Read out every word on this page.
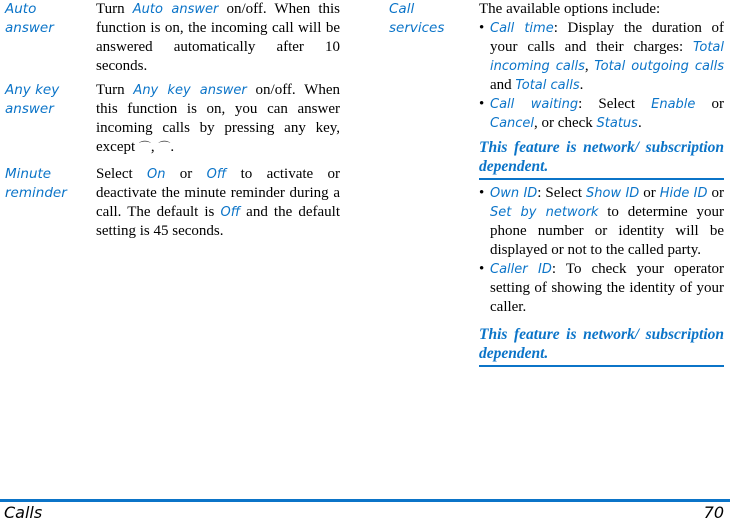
Auto answer
Turn Auto answer on/off. When this function is on, the incoming call will be answered automatically after 10 seconds.
Any key answer
Turn Any key answer on/off. When this function is on, you can answer incoming calls by pressing any key, except ⌒, ⌒.
Minute reminder
Select On or Off to activate or deactivate the minute reminder during a call. The default is Off and the default setting is 45 seconds.
Call services
The available options include:
• Call time: Display the duration of your calls and their charges: Total incoming calls, Total outgoing calls and Total calls.
• Call waiting: Select Enable or Cancel, or check Status.
This feature is network/ subscription dependent.
• Own ID: Select Show ID or Hide ID or Set by network to determine your phone number or identity will be displayed or not to the called party.
• Caller ID: To check your operator setting of showing the identity of your caller.
This feature is network/ subscription dependent.
Calls	70
